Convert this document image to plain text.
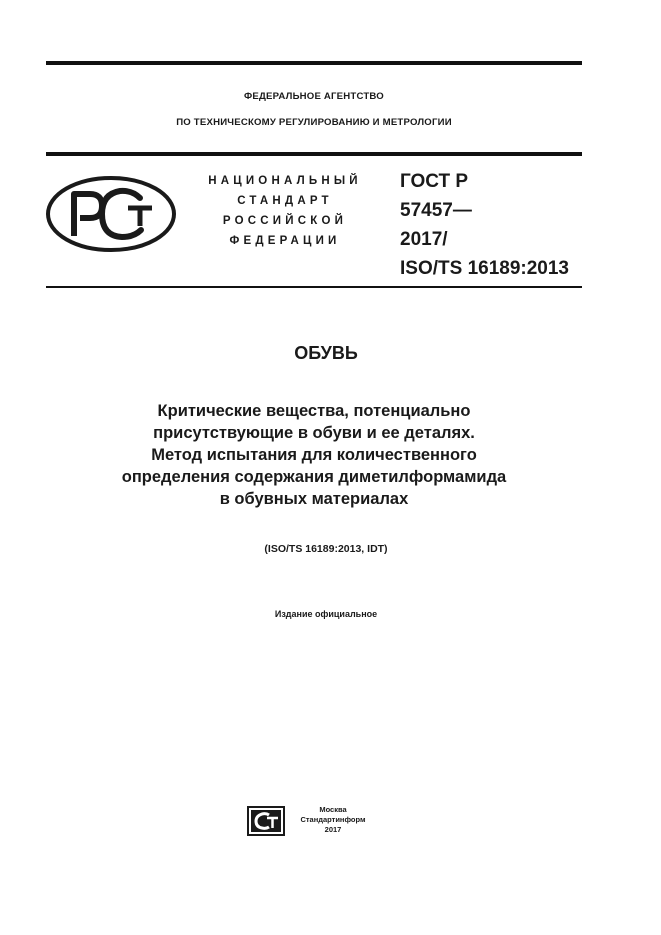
ФЕДЕРАЛЬНОЕ АГЕНТСТВО
ПО ТЕХНИЧЕСКОМУ РЕГУЛИРОВАНИЮ И МЕТРОЛОГИИ
НАЦИОНАЛЬНЫЙ
СТАНДАРТ
РОССИЙСКОЙ
ФЕДЕРАЦИИ
ГОСТ Р
57457—
2017/
ISO/TS 16189:2013
ОБУВЬ
Критические вещества, потенциально
присутствующие в обуви и ее деталях.
Метод испытания для количественного
определения содержания диметилформамида
в обувных материалах
(ISO/TS 16189:2013, IDT)
Издание официальное
Москва
Стандартинформ
2017
